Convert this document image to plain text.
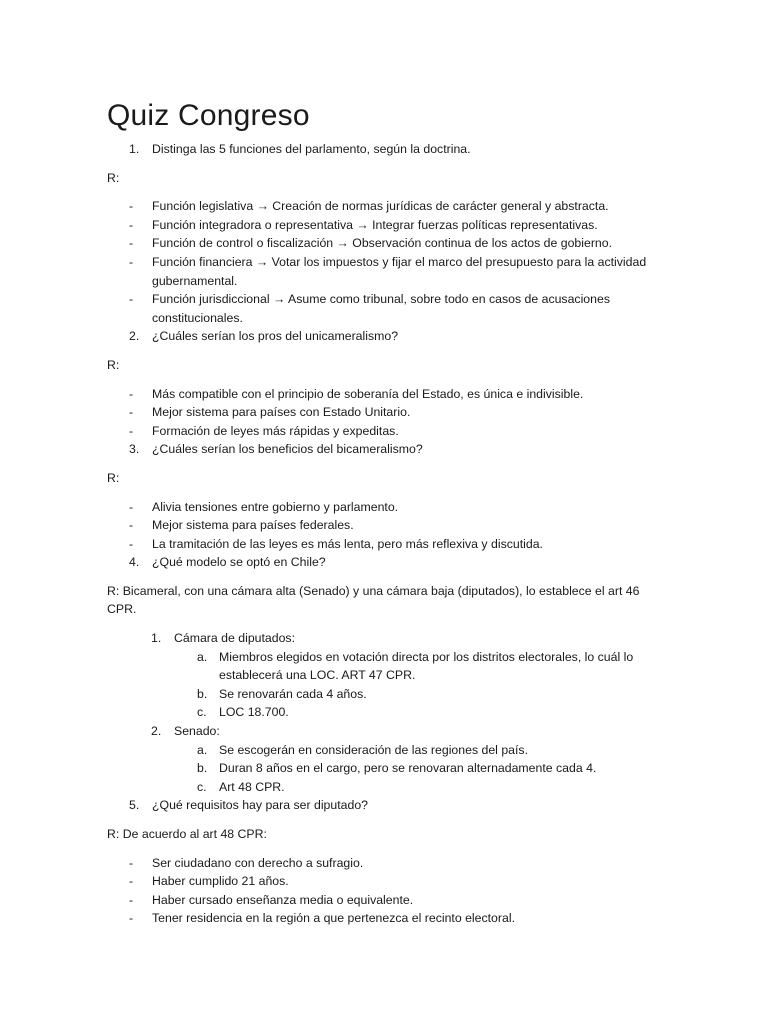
Quiz Congreso
1. Distinga las 5 funciones del parlamento, según la doctrina.
R:
- Función legislativa → Creación de normas jurídicas de carácter general y abstracta.
- Función integradora o representativa → Integrar fuerzas políticas representativas.
- Función de control o fiscalización → Observación continua de los actos de gobierno.
- Función financiera → Votar los impuestos y fijar el marco del presupuesto para la actividad gubernamental.
- Función jurisdiccional → Asume como tribunal, sobre todo en casos de acusaciones constitucionales.
2. ¿Cuáles serían los pros del unicameralismo?
R:
- Más compatible con el principio de soberanía del Estado, es única e indivisible.
- Mejor sistema para países con Estado Unitario.
- Formación de leyes más rápidas y expeditas.
3. ¿Cuáles serían los beneficios del bicameralismo?
R:
- Alivia tensiones entre gobierno y parlamento.
- Mejor sistema para países federales.
- La tramitación de las leyes es más lenta, pero más reflexiva y discutida.
4. ¿Qué modelo se optó en Chile?
R: Bicameral, con una cámara alta (Senado) y una cámara baja (diputados), lo establece el art 46 CPR.
1. Cámara de diputados:
a. Miembros elegidos en votación directa por los distritos electorales, lo cuál lo establecerá una LOC. ART 47 CPR.
b. Se renovarán cada 4 años.
c. LOC 18.700.
2. Senado:
a. Se escogerán en consideración de las regiones del país.
b. Duran 8 años en el cargo, pero se renovaran alternadamente cada 4.
c. Art 48 CPR.
5. ¿Qué requisitos hay para ser diputado?
R: De acuerdo al art 48 CPR:
- Ser ciudadano con derecho a sufragio.
- Haber cumplido 21 años.
- Haber cursado enseñanza media o equivalente.
- Tener residencia en la región a que pertenezca el recinto electoral.
